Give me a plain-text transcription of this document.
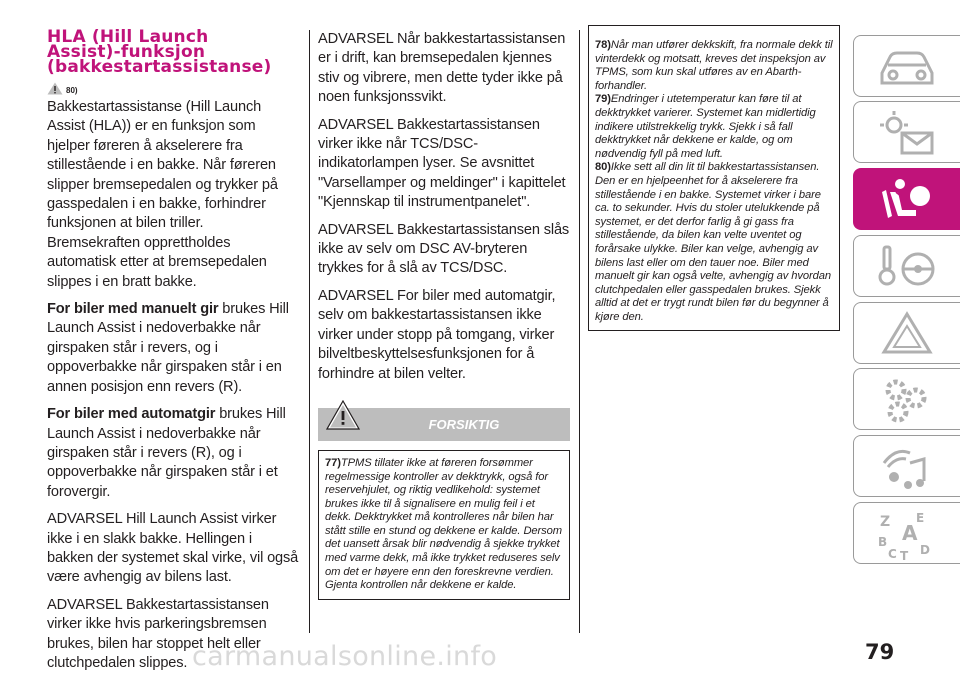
HLA (Hill Launch
Assist)-funksjon
(bakkestartassistanse)
80)

Bakkestartassistanse (Hill Launch Assist (HLA)) er en funksjon som hjelper føreren å akselerere fra stillestående i en bakke. Når føreren slipper bremsepedalen og trykker på gasspedalen i en bakke, forhindrer funksjonen at bilen triller. Bremsekraften opprettholdes automatisk etter at bremsepedalen slippes i en bratt bakke.

For biler med manuelt gir brukes Hill Launch Assist i nedoverbakke når girspaken står i revers, og i oppoverbakke når girspaken står i en annen posisjon enn revers (R).

For biler med automatgir brukes Hill Launch Assist i nedoverbakke når girspaken står i revers (R), og i oppoverbakke når girspaken står i et forovergir.

ADVARSEL Hill Launch Assist virker ikke i en slakk bakke. Hellingen i bakken der systemet skal virke, vil også være avhengig av bilens last.

ADVARSEL Bakkestartassistansen virker ikke hvis parkeringsbremsen brukes, bilen har stoppet helt eller clutchpedalen slippes.

ADVARSEL Når bakkestartassistansen er i drift, kan bremsepedalen kjennes stiv og vibrere, men dette tyder ikke på noen funksjonssvikt.

ADVARSEL Bakkestartassistansen virker ikke når TCS/DSC-indikatorlampen lyser. Se avsnittet "Varsellamper og meldinger" i kapittelet "Kjennskap til instrumentpanelet".

ADVARSEL Bakkestartassistansen slås ikke av selv om DSC AV-bryteren trykkes for å slå av TCS/DSC.

ADVARSEL For biler med automatgir, selv om bakkestartassistansen ikke virker under stopp på tomgang, virker bilveltbeskyttelsesfunksjonen for å forhindre at bilen velter.

FORSIKTIG

77)TPMS tillater ikke at føreren forsømmer regelmessige kontroller av dekktrykk, også for reservehjulet, og riktig vedlikehold: systemet brukes ikke til å signalisere en mulig feil i et dekk. Dekktrykket må kontrolleres når bilen har stått stille en stund og dekkene er kalde. Dersom det uansett årsak blir nødvendig å sjekke trykket med varme dekk, må ikke trykket reduseres selv om det er høyere enn den foreskrevne verdien. Gjenta kontrollen når dekkene er kalde.

78)Når man utfører dekkskift, fra normale dekk til vinterdekk og motsatt, kreves det inspeksjon av TPMS, som kun skal utføres av en Abarth-forhandler.

79)Endringer i utetemperatur kan føre til at dekktrykket varierer. Systemet kan midlertidig indikere utilstrekkelig trykk. Sjekk i så fall dekktrykket når dekkene er kalde, og om nødvendig fyll på med luft.

80)Ikke sett all din lit til bakkestartassistansen. Den er en hjelpeenhet for å akselerere fra stillestående i en bakke. Systemet virker i bare ca. to sekunder. Hvis du stoler utelukkende på systemet, er det derfor farlig å gi gass fra stillestående, da bilen kan velte uventet og forårsake ulykke. Biler kan velge, avhengig av bilens last eller om den tauer noe. Biler med manuelt gir kan også velte, avhengig av hvordan clutchpedalen eller gasspedalen brukes. Sjekk alltid at det er trygt rundt bilen før du begynner å kjøre den.

Z E
A
B
C T D
carmanualsonline.info	79
